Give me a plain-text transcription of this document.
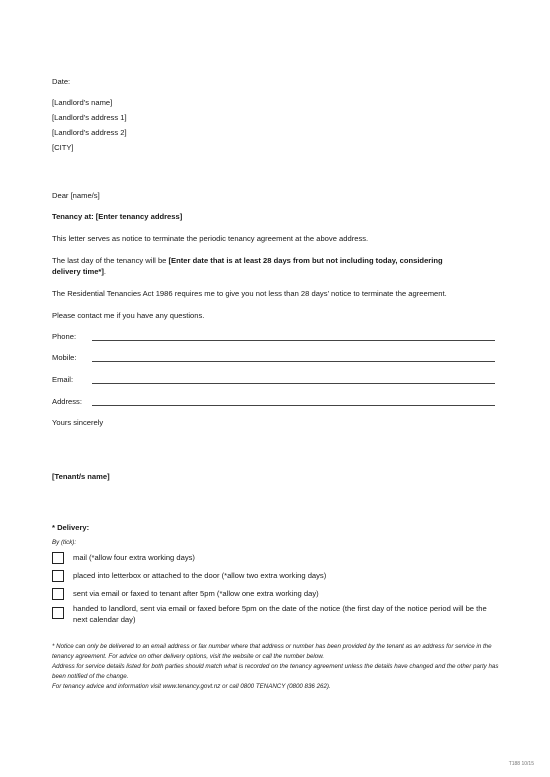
Date:
[Landlord’s name]
[Landlord’s address 1]
[Landlord’s address 2]
[CITY]
Dear [name/s]
Tenancy at: [Enter tenancy address]
This letter serves as notice to terminate the periodic tenancy agreement at the above address.
The last day of the tenancy will be [Enter date that is at least 28 days from but not including today, considering
delivery time*].
The Residential Tenancies Act 1986 requires me to give you not less than 28 days’ notice to terminate the agreement.
Please contact me if you have any questions.
Phone:
Mobile:
Email:
Address:
Yours sincerely
[Tenant/s name]
* Delivery:
By (tick):
mail (*allow four extra working days)
placed into letterbox or attached to the door (*allow two extra working days)
sent via email or faxed to tenant after 5pm (*allow one extra working day)
handed to landlord, sent via email or faxed before 5pm on the date of the notice (the first day of the notice period will be the next calendar day)
* Notice can only be delivered to an email address or fax number where that address or number has been provided by the tenant as an address for service in the tenancy agreement. For advice on other delivery options, visit the website or call the number below.
Address for service details listed for both parties should match what is recorded on the tenancy agreement unless the details have changed and the other party has been notified of the change.
For tenancy advice and information visit www.tenancy.govt.nz or call 0800 TENANCY (0800 836 262).
T188 10/15
